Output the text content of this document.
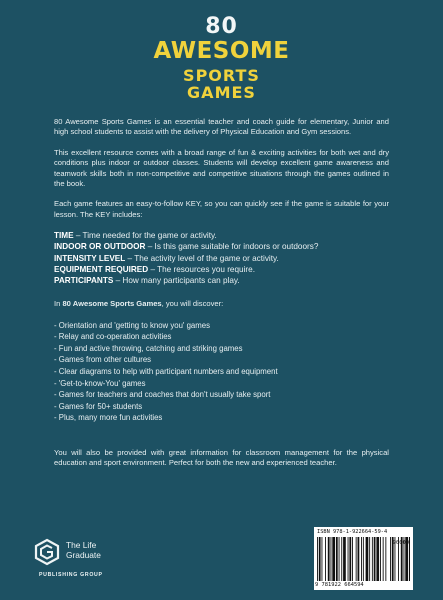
80
AWESOME
SPORTS
GAMES

80 Awesome Sports Games is an essential teacher and coach guide for elementary, Junior and high school students to assist with the delivery of Physical Education and Gym sessions.

This excellent resource comes with a broad range of fun & exciting activities for both wet and dry conditions plus indoor or outdoor classes. Students will develop excellent game awareness and teamwork skills both in non-competitive and competitive situations through the games outlined in the book.

Each game features an easy-to-follow KEY, so you can quickly see if the game is suitable for your lesson. The KEY includes:

TIME – Time needed for the game or activity.
INDOOR OR OUTDOOR – Is this game suitable for indoors or outdoors?
INTENSITY LEVEL – The activity level of the game or activity.
EQUIPMENT REQUIRED – The resources you require.
PARTICIPANTS – How many participants can play.

In 80 Awesome Sports Games, you will discover:

- Orientation and 'getting to know you' games
- Relay and co-operation activities
- Fun and active throwing, catching and striking games
- Games from other cultures
- Clear diagrams to help with participant numbers and equipment
- 'Get-to-know-You' games
- Games for teachers and coaches that don't usually take sport
- Games for 50+ students
- Plus, many more fun activities

You will also be provided with great information for classroom management for the physical education and sport environment. Perfect for both the new and experienced teacher.

The Life
Graduate
PUBLISHING GROUP
ISBN 978-1-922664-59-4
90000
9 781922 664594
